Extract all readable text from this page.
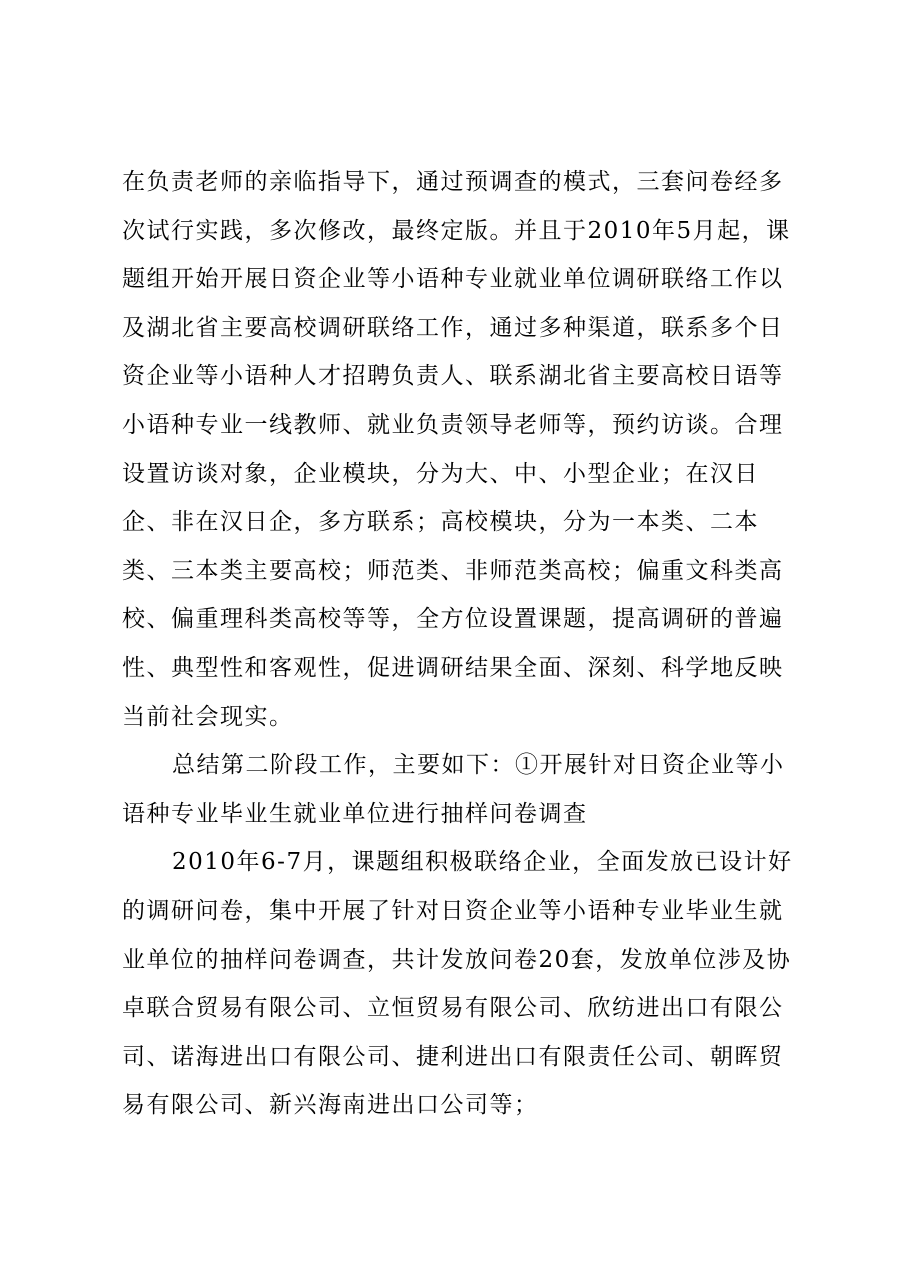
在负责老师的亲临指导下，通过预调查的模式，三套问卷经多
次试行实践，多次修改，最终定版。并且于2010年5月起，课
题组开始开展日资企业等小语种专业就业单位调研联络工作以
及湖北省主要高校调研联络工作，通过多种渠道，联系多个日
资企业等小语种人才招聘负责人、联系湖北省主要高校日语等
小语种专业一线教师、就业负责领导老师等，预约访谈。合理
设置访谈对象，企业模块，分为大、中、小型企业；在汉日
企、非在汉日企，多方联系；高校模块，分为一本类、二本
类、三本类主要高校；师范类、非师范类高校；偏重文科类高
校、偏重理科类高校等等，全方位设置课题，提高调研的普遍
性、典型性和客观性，促进调研结果全面、深刻、科学地反映
当前社会现实。
总结第二阶段工作，主要如下：①开展针对日资企业等小
语种专业毕业生就业单位进行抽样问卷调查
2010年6-7月，课题组积极联络企业，全面发放已设计好
的调研问卷，集中开展了针对日资企业等小语种专业毕业生就
业单位的抽样问卷调查，共计发放问卷20套，发放单位涉及协
卓联合贸易有限公司、立恒贸易有限公司、欣纺进出口有限公
司、诺海进出口有限公司、捷利进出口有限责任公司、朝晖贸
易有限公司、新兴海南进出口公司等；
